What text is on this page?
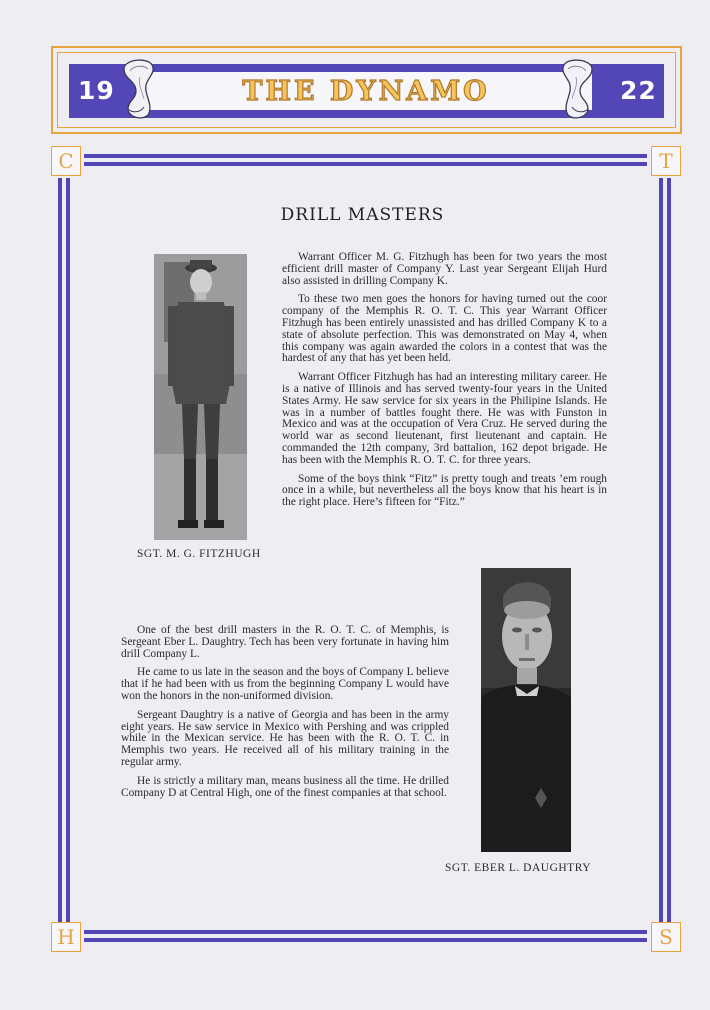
19	22
THE DYNAMO
C	T
H	S
DRILL MASTERS
SGT. M. G. FITZHUGH

Warrant Officer M. G. Fitzhugh has been for two years the most efficient drill master of Company Y. Last year Sergeant Elijah Hurd also assisted in drilling Company K.

To these two men goes the honors for having turned out the coor company of the Memphis R. O. T. C. This year Warrant Officer Fitzhugh has been entirely unassisted and has drilled Company K to a state of absolute perfection. This was demonstrated on May 4, when this company was again awarded the colors in a contest that was the hardest of any that has yet been held.

Warrant Officer Fitzhugh has had an interesting military career. He is a native of Illinois and has served twenty-four years in the United States Army. He saw service for six years in the Philipine Islands. He was in a number of battles fought there. He was with Funston in Mexico and was at the occupation of Vera Cruz. He served during the world war as second lieutenant, first lieutenant and captain. He commanded the 12th company, 3rd battalion, 162 depot brigade. He has been with the Memphis R. O. T. C. for three years.

Some of the boys think “Fitz” is pretty tough and treats ’em rough once in a while, but nevertheless all the boys know that his heart is in the right place. Here’s fifteen for “Fitz.”

SGT. EBER L. DAUGHTRY

One of the best drill masters in the R. O. T. C. of Memphis, is Sergeant Eber L. Daughtry. Tech has been very fortunate in having him drill Company L.

He came to us late in the season and the boys of Company L believe that if he had been with us from the beginning Company L would have won the honors in the non-uniformed division.

Sergeant Daughtry is a native of Georgia and has been in the army eight years. He saw service in Mexico with Pershing and was crippled while in the Mexican service. He has been with the R. O. T. C. in Memphis two years. He received all of his military training in the regular army.

He is strictly a military man, means business all the time. He drilled Company D at Central High, one of the finest companies at that school.
